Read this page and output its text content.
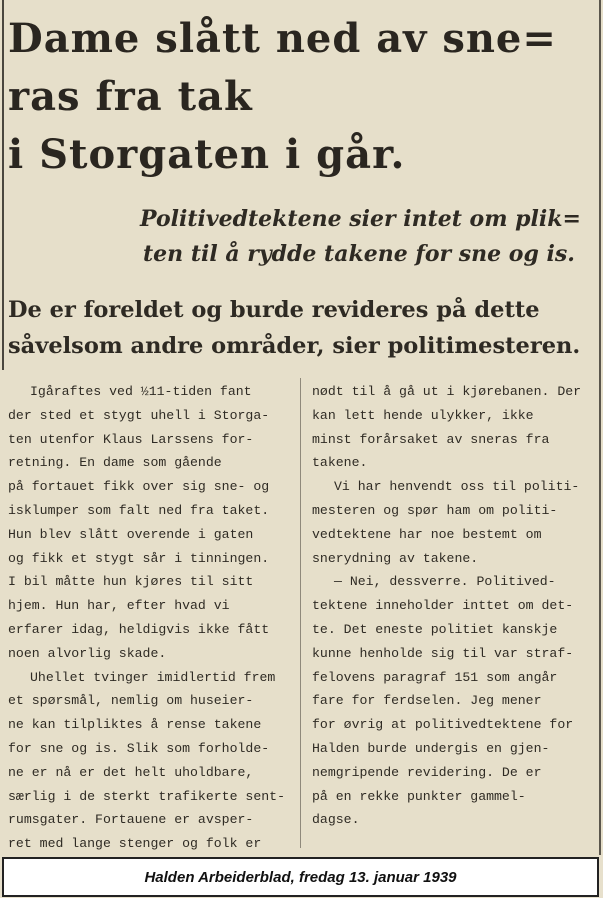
Dame slått ned av sne=
ras fra tak
i Storgaten i går.
Politivedtektene sier intet om plik=
ten til å rydde takene for sne og is.
De er foreldet og burde revideres på dette
såvelsom andre områder, sier politimesteren.
Igåraftes ved ½11-tiden fant
der sted et stygt uhell i Storga-
ten utenfor Klaus Larssens for-
retning. En dame som gående
på fortauet fikk over sig sne- og
isklumper som falt ned fra taket.
Hun blev slått overende i gaten
og fikk et stygt sår i tinningen.
I bil måtte hun kjøres til sitt
hjem. Hun har, efter hvad vi
erfarer idag, heldigvis ikke fått
noen alvorlig skade.
Uhellet tvinger imidlertid frem
et spørsmål, nemlig om huseier-
ne kan tilpliktes å rense takene
for sne og is. Slik som forholde-
ne er nå er det helt uholdbare,
særlig i de sterkt trafikerte sent-
rumsgater. Fortauene er avsper-
ret med lange stenger og folk er
nødt til å gå ut i kjørebanen. Der
kan lett hende ulykker, ikke
minst forårsaket av sneras fra
takene.
Vi har henvendt oss til politi-
mesteren og spør ham om politi-
vedtektene har noe bestemt om
snerydning av takene.
— Nei, dessverre. Politived-
tektene inneholder inttet om det-
te. Det eneste politiet kanskje
kunne henholde sig til var straf-
felovens paragraf 151 som angår
fare for ferdselen. Jeg mener
for øvrig at politivedtektene for
Halden burde undergis en gjen-
nemgripende revidering. De er
på en rekke punkter gammel-
dagse.
Halden Arbeiderblad, fredag 13. januar 1939
